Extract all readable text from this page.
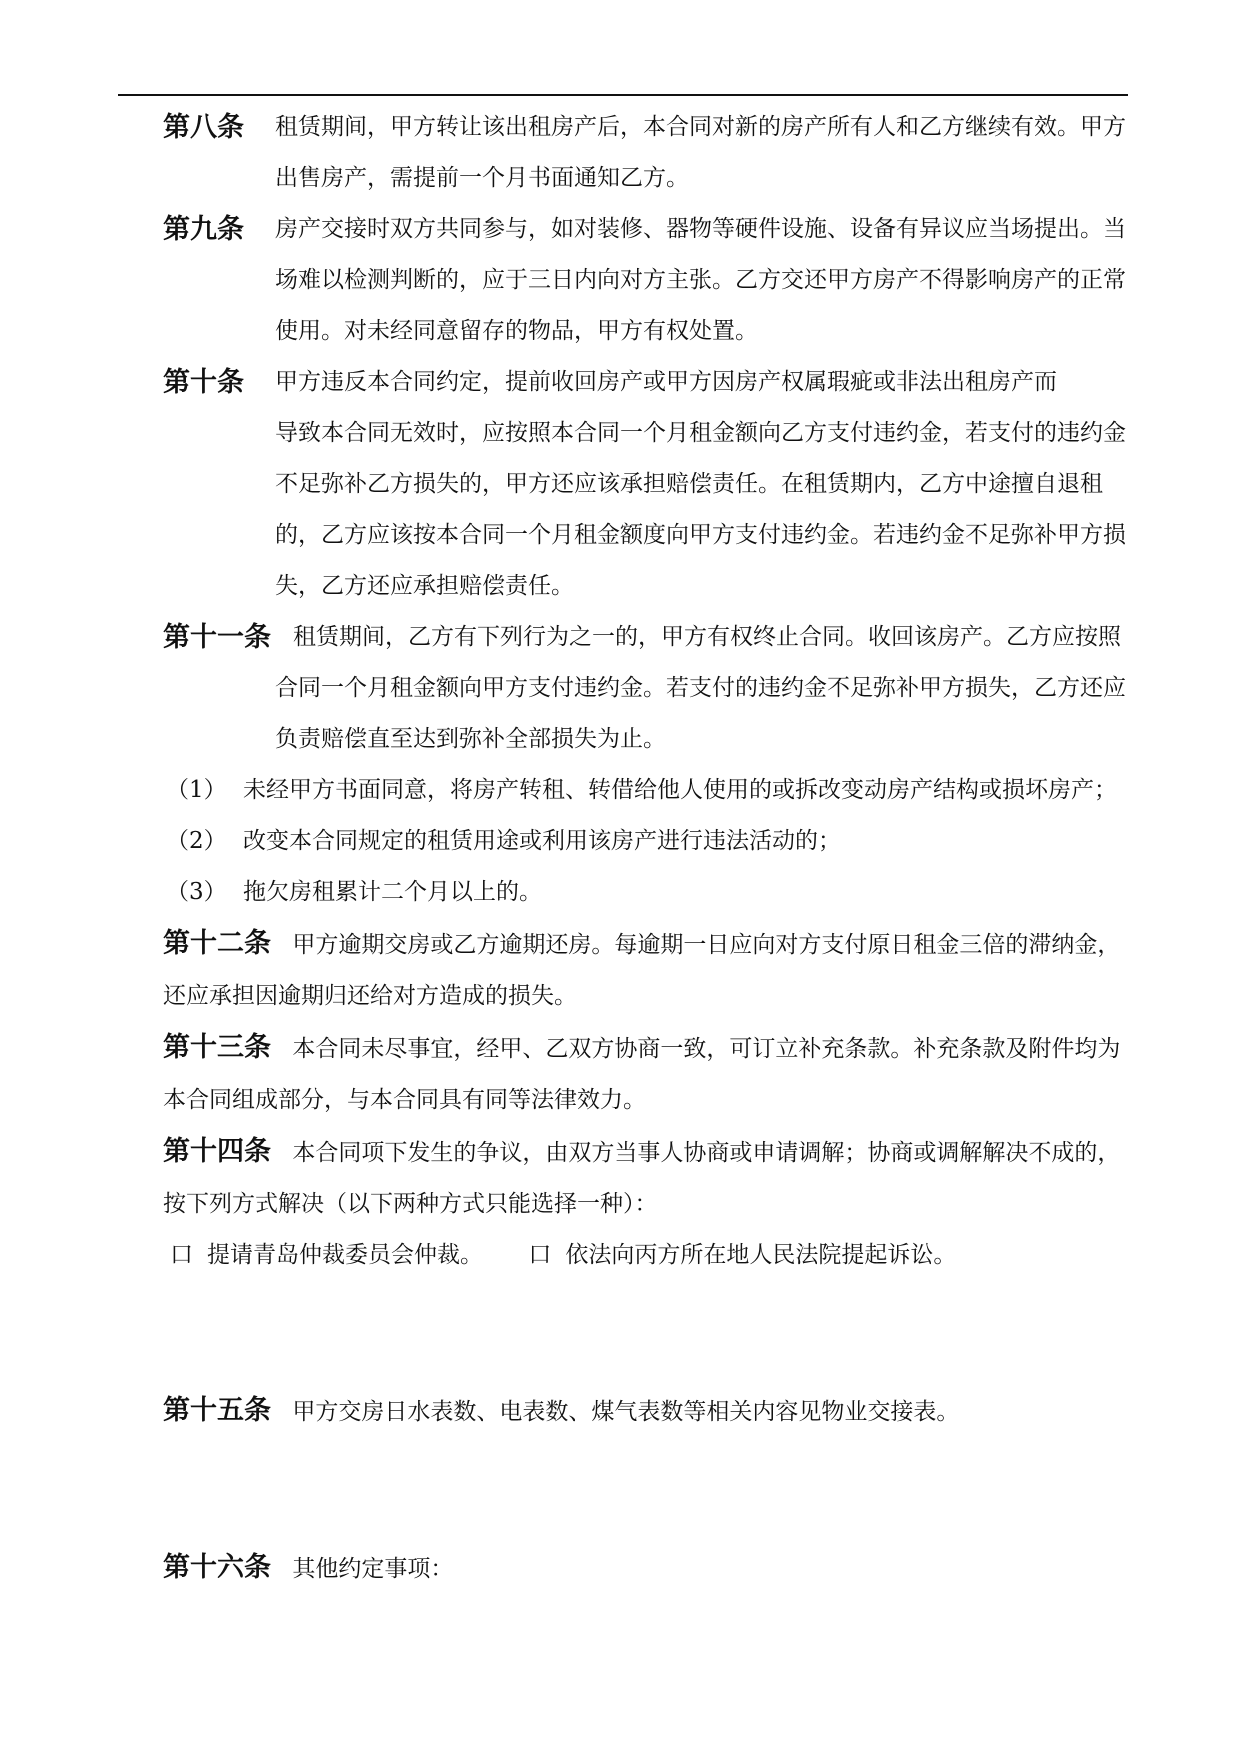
第八条 租赁期间，甲方转让该出租房产后，本合同对新的房产所有人和乙方继续有效。甲方出售房产，需提前一个月书面通知乙方。
第九条 房产交接时双方共同参与，如对装修、器物等硬件设施、设备有异议应当场提出。当场难以检测判断的，应于三日内向对方主张。乙方交还甲方房产不得影响房产的正常使用。对未经同意留存的物品，甲方有权处置。
第十条 甲方违反本合同约定，提前收回房产或甲方因房产权属瑕疵或非法出租房产而
导致本合同无效时，应按照本合同一个月租金额向乙方支付违约金，若支付的违约金不足弥补乙方损失的，甲方还应该承担赔偿责任。在租赁期内，乙方中途擅自退租的，乙方应该按本合同一个月租金额度向甲方支付违约金。若违约金不足弥补甲方损失，乙方还应承担赔偿责任。
第十一条 租赁期间，乙方有下列行为之一的，甲方有权终止合同。收回该房产。乙方应按照合同一个月租金额向甲方支付违约金。若支付的违约金不足弥补甲方损失，乙方还应负责赔偿直至达到弥补全部损失为止。
（1） 未经甲方书面同意，将房产转租、转借给他人使用的或拆改变动房产结构或损坏房产；
（2） 改变本合同规定的租赁用途或利用该房产进行违法活动的；
（3） 拖欠房租累计二个月以上的。
第十二条 甲方逾期交房或乙方逾期还房。每逾期一日应向对方支付原日租金三倍的滞纳金，还应承担因逾期归还给对方造成的损失。
第十三条 本合同未尽事宜，经甲、乙双方协商一致，可订立补充条款。补充条款及附件均为本合同组成部分，与本合同具有同等法律效力。
第十四条 本合同项下发生的争议，由双方当事人协商或申请调解；协商或调解解决不成的，按下列方式解决（以下两种方式只能选择一种）：
口 提请青岛仲裁委员会仲裁。 口 依法向丙方所在地人民法院提起诉讼。
第十五条 甲方交房日水表数、电表数、煤气表数等相关内容见物业交接表。
第十六条 其他约定事项：
